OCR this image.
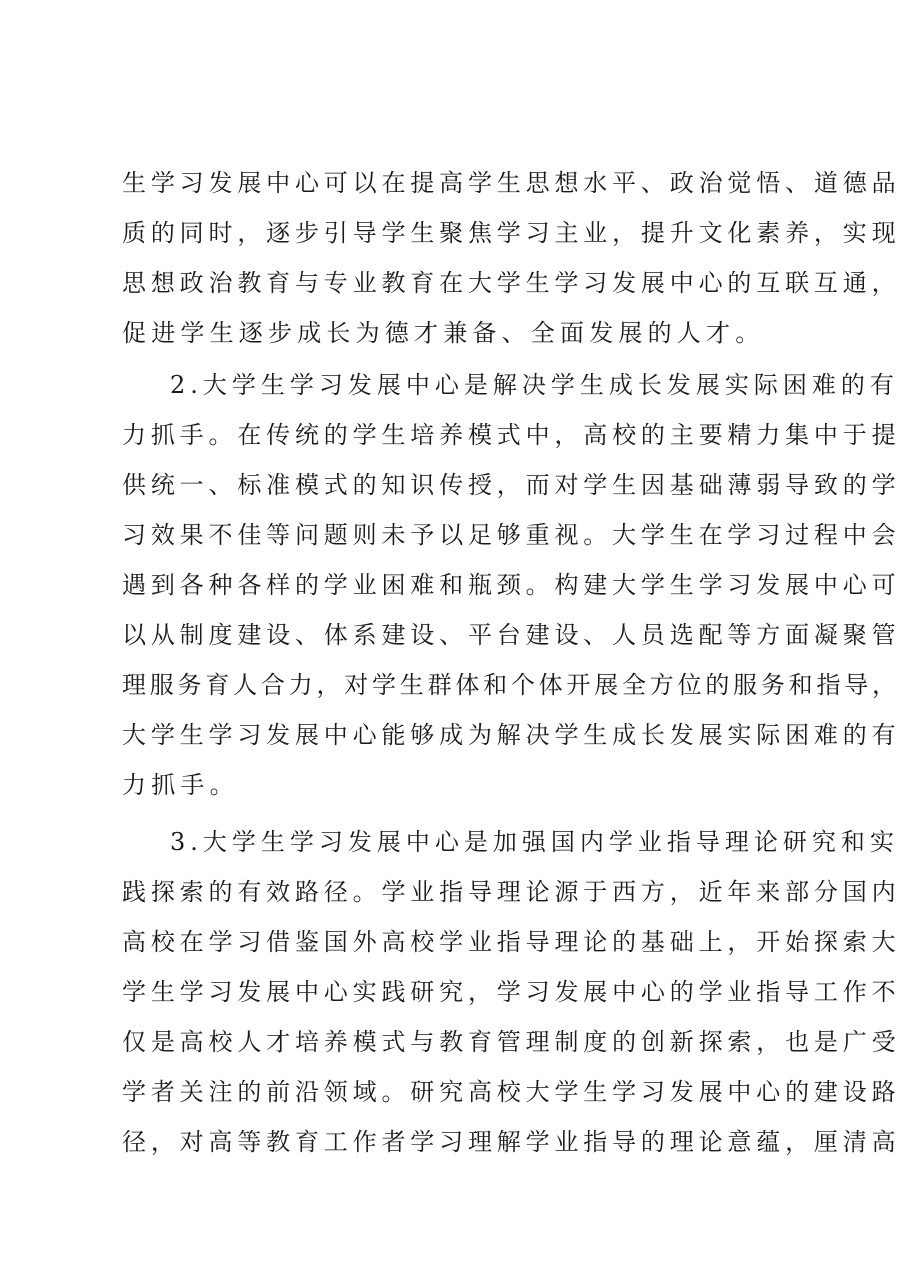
生学习发展中心可以在提高学生思想水平、政治觉悟、道德品
质的同时，逐步引导学生聚焦学习主业，提升文化素养，实现
思想政治教育与专业教育在大学生学习发展中心的互联互通，
促进学生逐步成长为德才兼备、全面发展的人才。
2.大学生学习发展中心是解决学生成长发展实际困难的有
力抓手。在传统的学生培养模式中，高校的主要精力集中于提
供统一、标准模式的知识传授，而对学生因基础薄弱导致的学
习效果不佳等问题则未予以足够重视。大学生在学习过程中会
遇到各种各样的学业困难和瓶颈。构建大学生学习发展中心可
以从制度建设、体系建设、平台建设、人员选配等方面凝聚管
理服务育人合力，对学生群体和个体开展全方位的服务和指导，
大学生学习发展中心能够成为解决学生成长发展实际困难的有
力抓手。
3.大学生学习发展中心是加强国内学业指导理论研究和实
践探索的有效路径。学业指导理论源于西方，近年来部分国内
高校在学习借鉴国外高校学业指导理论的基础上，开始探索大
学生学习发展中心实践研究，学习发展中心的学业指导工作不
仅是高校人才培养模式与教育管理制度的创新探索，也是广受
学者关注的前沿领域。研究高校大学生学习发展中心的建设路
径，对高等教育工作者学习理解学业指导的理论意蕴，厘清高
